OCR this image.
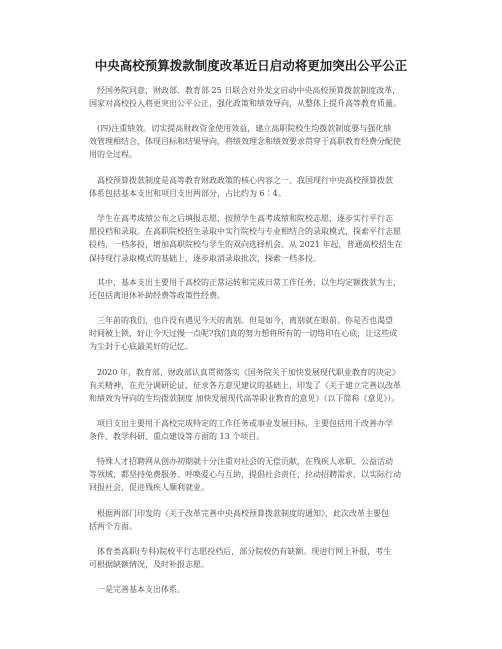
中央高校预算拨款制度改革近日启动将更加突出公平公正

　经国务院同意，财政部、教育部 25 日联合对外发文启动中央高校预算拨款制度改革，
国家对高校投入将更突出公平公正，强化政策和绩效导向，从整体上提升高等教育质量。

　(四)注重绩效。切实提高财政资金使用效益，建立高职院校生均拨款制度要与强化绩
效管理相结合，体现目标和结果导向，将绩效理念和绩效要求贯穿于高职教育经费分配使
用的全过程。

　高校预算拨款制度是高等教育财政政策的核心内容之一。我国现行中央高校预算拨款
体系包括基本支出和项目支出两部分，占比约为 6∶4。

　学生在高考成绩公布之后填报志愿，按照学生高考成绩和院校志愿，逐步实行平行志
愿投档和录取。在高职院校招生录取中实行院校与专业相结合的录取模式，探索平行志愿
投档，一档多投，增加高职院校与学生的双向选择机会。从 2021 年起，普通高校招生在
保持现行录取模式的基础上，逐步取消录取批次，探索一档多投。

　其中，基本支出主要用于高校的正常运转和完成日常工作任务，以生均定额拨款为主，
还包括离退休补助经费等政策性经费。

　三年前的我们，也许没有遇见今天的离别。但是如今，离别就在眼前。你是否也渴望
时间被上锁，好让今天过慢一点呢?我们真的努力想将所有的一切络印在心底，让这些成
为尘封于心底最美好的记忆。

　2020 年，教育部、财政部认真贯彻落实《国务院关于加快发展现代职业教育的决定》
有关精神，在充分调研论证、征求各方意见建议的基础上，印发了《关于建立完善以改革
和绩效为导向的生均拨款制度 加快发展现代高等职业教育的意见》（以下简称《意见》）。

　项目支出主要用于高校完成特定的工作任务或事业发展目标，主要包括用于改善办学
条件、教学科研、重点建设等方面的 13 个项目。

　特殊人才招聘网从创办初期就十分注重对社会的无偿贡献，在残疾人求职、公益活动
等领域，都坚持免费服务。呼唤爱心与互助，提倡社会责任，拉动招聘需求，以实际行动
回报社会，促进残疾人顺利就业。

　根据两部门印发的《关于改革完善中央高校预算拨款制度的通知》，此次改革主要包
括两个方面。

　体育类高职(专科)院校平行志愿投档后，部分院校仍有缺额。现进行网上补报，考生
可根据缺额情况，及时补报志愿。

　一是完善基本支出体系。
